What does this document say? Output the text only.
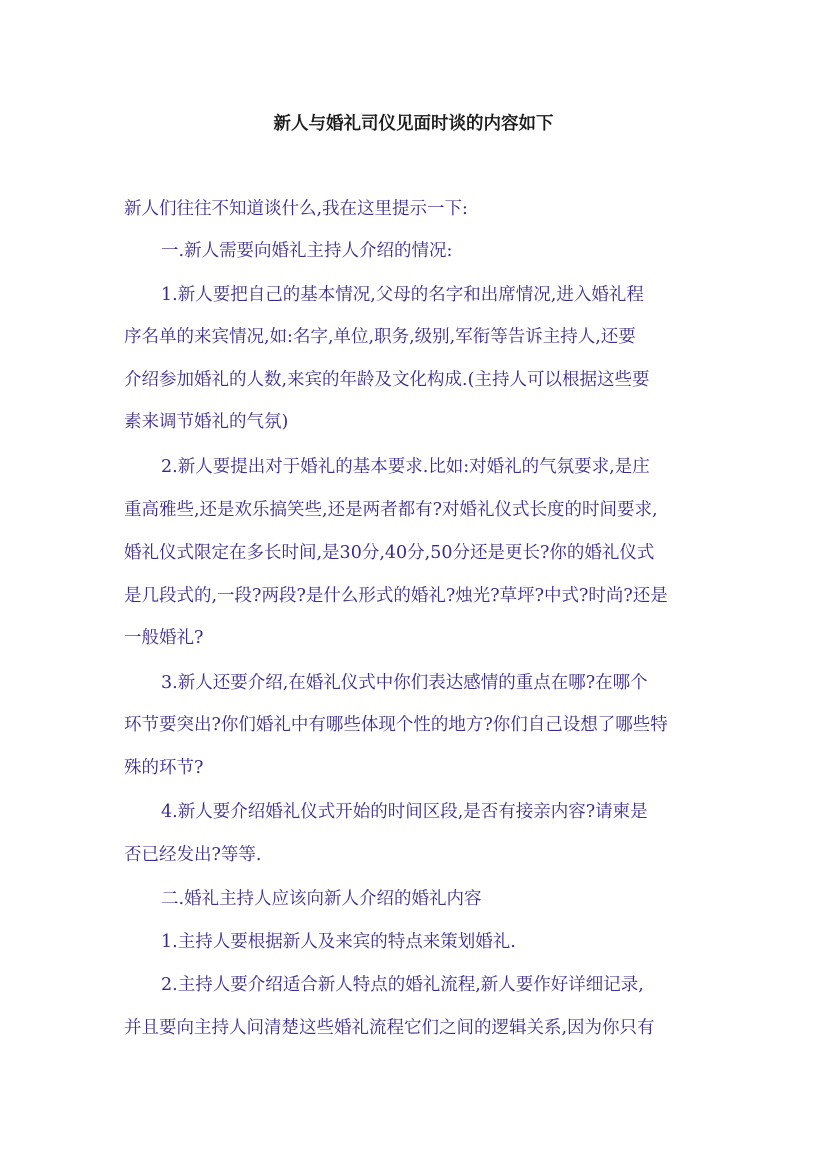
新人与婚礼司仪见面时谈的内容如下

新人们往往不知道谈什么,我在这里提示一下:

一.新人需要向婚礼主持人介绍的情况:

1.新人要把自己的基本情况,父母的名字和出席情况,进入婚礼程

序名单的来宾情况,如:名字,单位,职务,级别,军衔等告诉主持人,还要

介绍参加婚礼的人数,来宾的年龄及文化构成.(主持人可以根据这些要

素来调节婚礼的气氛)

2.新人要提出对于婚礼的基本要求.比如:对婚礼的气氛要求,是庄

重高雅些,还是欢乐搞笑些,还是两者都有?对婚礼仪式长度的时间要求,

婚礼仪式限定在多长时间,是30分,40分,50分还是更长?你的婚礼仪式

是几段式的,一段?两段?是什么形式的婚礼?烛光?草坪?中式?时尚?还是

一般婚礼?

3.新人还要介绍,在婚礼仪式中你们表达感情的重点在哪?在哪个

环节要突出?你们婚礼中有哪些体现个性的地方?你们自己设想了哪些特

殊的环节?

4.新人要介绍婚礼仪式开始的时间区段,是否有接亲内容?请柬是

否已经发出?等等.

二.婚礼主持人应该向新人介绍的婚礼内容

1.主持人要根据新人及来宾的特点来策划婚礼.

2.主持人要介绍适合新人特点的婚礼流程,新人要作好详细记录,

并且要向主持人问清楚这些婚礼流程它们之间的逻辑关系,因为你只有
